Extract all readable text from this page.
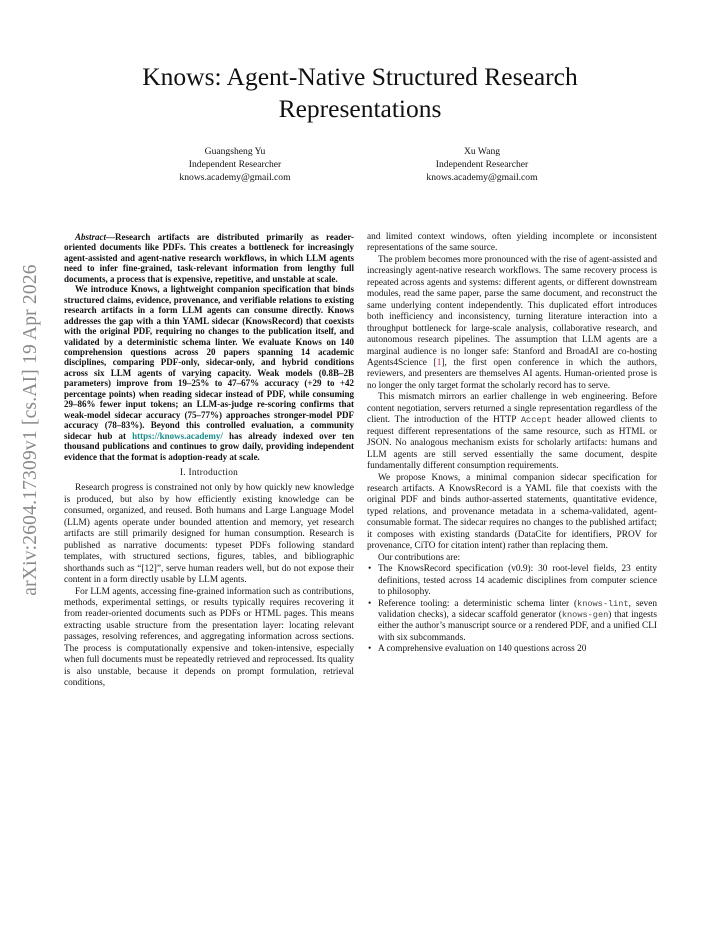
arXiv:2604.17309v1 [cs.AI] 19 Apr 2026
Knows: Agent-Native Structured Research Representations
Guangsheng Yu
Independent Researcher
knows.academy@gmail.com
Xu Wang
Independent Researcher
knows.academy@gmail.com

Abstract—Research artifacts are distributed primarily as reader-oriented documents like PDFs. This creates a bottleneck for increasingly agent-assisted and agent-native research workflows, in which LLM agents need to infer fine-grained, task-relevant information from lengthy full documents, a process that is expensive, repetitive, and unstable at scale.

We introduce Knows, a lightweight companion specification that binds structured claims, evidence, provenance, and verifiable relations to existing research artifacts in a form LLM agents can consume directly. Knows addresses the gap with a thin YAML sidecar (KnowsRecord) that coexists with the original PDF, requiring no changes to the publication itself, and validated by a deterministic schema linter. We evaluate Knows on 140 comprehension questions across 20 papers spanning 14 academic disciplines, comparing PDF-only, sidecar-only, and hybrid conditions across six LLM agents of varying capacity. Weak models (0.8B–2B parameters) improve from 19–25% to 47–67% accuracy (+29 to +42 percentage points) when reading sidecar instead of PDF, while consuming 29–86% fewer input tokens; an LLM-as-judge re-scoring confirms that weak-model sidecar accuracy (75–77%) approaches stronger-model PDF accuracy (78–83%). Beyond this controlled evaluation, a community sidecar hub at https://knows.academy/ has already indexed over ten thousand publications and continues to grow daily, providing independent evidence that the format is adoption-ready at scale.

I. Introduction

Research progress is constrained not only by how quickly new knowledge is produced, but also by how efficiently existing knowledge can be consumed, organized, and reused. Both humans and Large Language Model (LLM) agents operate under bounded attention and memory, yet research artifacts are still primarily designed for human consumption. Research is published as narrative documents: typeset PDFs following standard templates, with structured sections, figures, tables, and bibliographic shorthands such as “[12]”, serve human readers well, but do not expose their content in a form directly usable by LLM agents.

For LLM agents, accessing fine-grained information such as contributions, methods, experimental settings, or results typically requires recovering it from reader-oriented documents such as PDFs or HTML pages. This means extracting usable structure from the presentation layer: locating relevant passages, resolving references, and aggregating information across sections. The process is computationally expensive and token-intensive, especially when full documents must be repeatedly retrieved and reprocessed. Its quality is also unstable, because it depends on prompt formulation, retrieval conditions,

and limited context windows, often yielding incomplete or inconsistent representations of the same source.

The problem becomes more pronounced with the rise of agent-assisted and increasingly agent-native research workflows. The same recovery process is repeated across agents and systems: different agents, or different downstream modules, read the same paper, parse the same document, and reconstruct the same underlying content independently. This duplicated effort introduces both inefficiency and inconsistency, turning literature interaction into a throughput bottleneck for large-scale analysis, collaborative research, and autonomous research pipelines. The assumption that LLM agents are a marginal audience is no longer safe: Stanford and BroadAI are co-hosting Agents4Science [1], the first open conference in which the authors, reviewers, and presenters are themselves AI agents. Human-oriented prose is no longer the only target format the scholarly record has to serve.

This mismatch mirrors an earlier challenge in web engineering. Before content negotiation, servers returned a single representation regardless of the client. The introduction of the HTTP Accept header allowed clients to request different representations of the same resource, such as HTML or JSON. No analogous mechanism exists for scholarly artifacts: humans and LLM agents are still served essentially the same document, despite fundamentally different consumption requirements.

We propose Knows, a minimal companion sidecar specification for research artifacts. A KnowsRecord is a YAML file that coexists with the original PDF and binds author-asserted statements, quantitative evidence, typed relations, and provenance metadata in a schema-validated, agent-consumable format. The sidecar requires no changes to the published artifact; it composes with existing standards (DataCite for identifiers, PROV for provenance, CiTO for citation intent) rather than replacing them.

Our contributions are:

• The KnowsRecord specification (v0.9): 30 root-level fields, 23 entity definitions, tested across 14 academic disciplines from computer science to philosophy.
• Reference tooling: a deterministic schema linter (knows-lint, seven validation checks), a sidecar scaffold generator (knows-gen) that ingests either the author’s manuscript source or a rendered PDF, and a unified CLI with six subcommands.
• A comprehensive evaluation on 140 questions across 20
